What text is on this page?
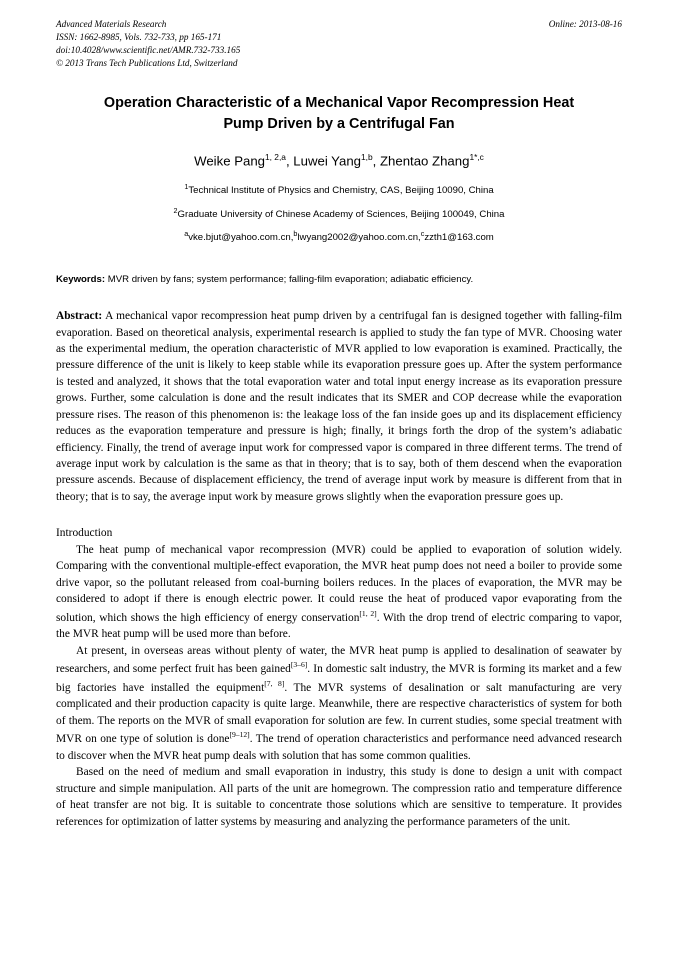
Advanced Materials Research
ISSN: 1662-8985, Vols. 732-733, pp 165-171
doi:10.4028/www.scientific.net/AMR.732-733.165
© 2013 Trans Tech Publications Ltd, Switzerland
Online: 2013-08-16
Operation Characteristic of a Mechanical Vapor Recompression Heat Pump Driven by a Centrifugal Fan
Weike Pang$^{1, 2,a}$, Luwei Yang$^{1,b}$, Zhentao Zhang$^{1*,c}$
$^1$Technical Institute of Physics and Chemistry, CAS, Beijing 10090, China
$^2$Graduate University of Chinese Academy of Sciences, Beijing 100049, China
$^a$vke.bjut@yahoo.com.cn,$^b$lwyang2002@yahoo.com.cn,$^c$zzth1@163.com
Keywords: MVR driven by fans; system performance; falling-film evaporation; adiabatic efficiency.
Abstract: A mechanical vapor recompression heat pump driven by a centrifugal fan is designed together with falling-film evaporation. Based on theoretical analysis, experimental research is applied to study the fan type of MVR. Choosing water as the experimental medium, the operation characteristic of MVR applied to low evaporation is examined. Practically, the pressure difference of the unit is likely to keep stable while its evaporation pressure goes up. After the system performance is tested and analyzed, it shows that the total evaporation water and total input energy increase as its evaporation pressure grows. Further, some calculation is done and the result indicates that its SMER and COP decrease while the evaporation pressure rises. The reason of this phenomenon is: the leakage loss of the fan inside goes up and its displacement efficiency reduces as the evaporation temperature and pressure is high; finally, it brings forth the drop of the system’s adiabatic efficiency. Finally, the trend of average input work for compressed vapor is compared in three different terms. The trend of average input work by calculation is the same as that in theory; that is to say, both of them descend when the evaporation pressure ascends. Because of displacement efficiency, the trend of average input work by measure is different from that in theory; that is to say, the average input work by measure grows slightly when the evaporation pressure goes up.
Introduction

The heat pump of mechanical vapor recompression (MVR) could be applied to evaporation of solution widely. Comparing with the conventional multiple-effect evaporation, the MVR heat pump does not need a boiler to provide some drive vapor, so the pollutant released from coal-burning boilers reduces. In the places of evaporation, the MVR may be considered to adopt if there is enough electric power. It could reuse the heat of produced vapor evaporating from the solution, which shows the high efficiency of energy conservation[1, 2]. With the drop trend of electric comparing to vapor, the MVR heat pump will be used more than before.

At present, in overseas areas without plenty of water, the MVR heat pump is applied to desalination of seawater by researchers, and some perfect fruit has been gained[3–6]. In domestic salt industry, the MVR is forming its market and a few big factories have installed the equipment[7, 8]. The MVR systems of desalination or salt manufacturing are very complicated and their production capacity is quite large. Meanwhile, there are respective characteristics of system for both of them. The reports on the MVR of small evaporation for solution are few. In current studies, some special treatment with MVR on one type of solution is done[9–12]. The trend of operation characteristics and performance need advanced research to discover when the MVR heat pump deals with solution that has some common qualities.

Based on the need of medium and small evaporation in industry, this study is done to design a unit with compact structure and simple manipulation. All parts of the unit are homegrown. The compression ratio and temperature difference of heat transfer are not big. It is suitable to concentrate those solutions which are sensitive to temperature. It provides references for optimization of latter systems by measuring and analyzing the performance parameters of the unit.
